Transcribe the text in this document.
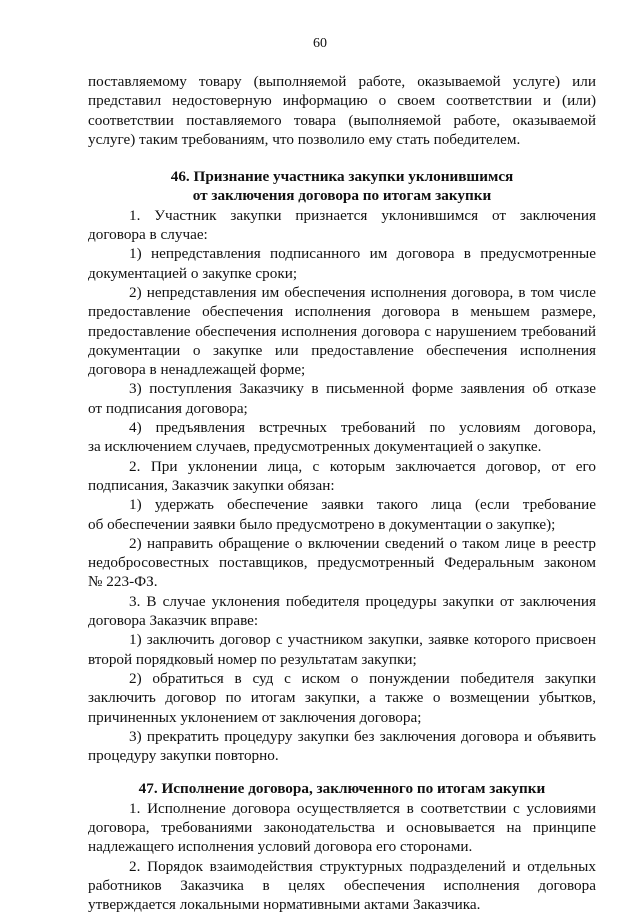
60
поставляемому товару (выполняемой работе, оказываемой услуге) или
представил недостоверную информацию о своем соответствии и (или)
соответствии поставляемого товара (выполняемой работе, оказываемой
услуге) таким требованиям, что позволило ему стать победителем.
46. Признание участника закупки уклонившимся
от заключения договора по итогам закупки
1. Участник закупки признается уклонившимся от заключения
договора в случае:
1) непредставления подписанного им договора в предусмотренные
документацией о закупке сроки;
2) непредставления им обеспечения исполнения договора, в том числе
предоставление обеспечения исполнения договора в меньшем размере,
предоставление обеспечения исполнения договора с нарушением требований
документации о закупке или предоставление обеспечения исполнения
договора в ненадлежащей форме;
3) поступления Заказчику в письменной форме заявления об отказе
от подписания договора;
4) предъявления встречных требований по условиям договора,
за исключением случаев, предусмотренных документацией о закупке.
2. При уклонении лица, с которым заключается договор, от его
подписания, Заказчик закупки обязан:
1) удержать обеспечение заявки такого лица (если требование
об обеспечении заявки было предусмотрено в документации о закупке);
2) направить обращение о включении сведений о таком лице в реестр
недобросовестных поставщиков, предусмотренный Федеральным законом
№ 223-ФЗ.
3. В случае уклонения победителя процедуры закупки от заключения
договора Заказчик вправе:
1) заключить договор с участником закупки, заявке которого присвоен
второй порядковый номер по результатам закупки;
2) обратиться в суд с иском о понуждении победителя закупки
заключить договор по итогам закупки, а также о возмещении убытков,
причиненных уклонением от заключения договора;
3) прекратить процедуру закупки без заключения договора и объявить
процедуру закупки повторно.
47. Исполнение договора, заключенного по итогам закупки
1. Исполнение договора осуществляется в соответствии с условиями
договора, требованиями законодательства и основывается на принципе
надлежащего исполнения условий договора его сторонами.
2. Порядок взаимодействия структурных подразделений и отдельных
работников Заказчика в целях обеспечения исполнения договора
утверждается локальными нормативными актами Заказчика.
